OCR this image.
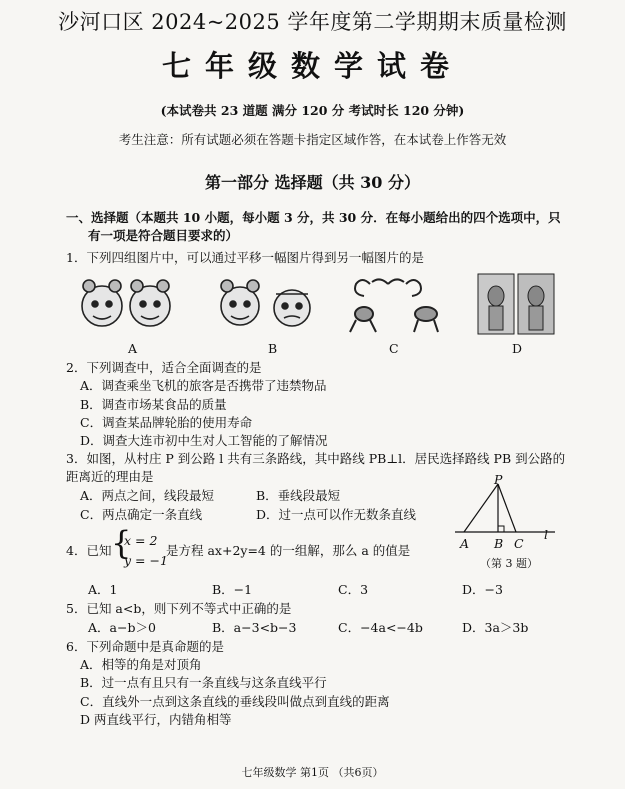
沙河口区 2024~2025 学年度第二学期期末质量检测
七年级数学试卷
(本试卷共 23 道题 满分 120 分 考试时长 120 分钟)
考生注意：所有试题必须在答题卡指定区域作答，在本试卷上作答无效
第一部分 选择题（共 30 分）
一、选择题（本题共 10 小题，每小题 3 分，共 30 分．在每小题给出的四个选项中，只
有一项是符合题目要求的）
1．下列四组图片中，可以通过平移一幅图片得到另一幅图片的是
A	B	C	D
2．下列调查中，适合全面调查的是
A．调查乘坐飞机的旅客是否携带了违禁物品
B．调查市场某食品的质量
C．调查某品牌轮胎的使用寿命
D．调查大连市初中生对人工智能的了解情况
3．如图，从村庄 P 到公路 l 共有三条路线，其中路线 PB⊥l．居民选择路线 PB 到公路的
距离近的理由是
A．两点之间，线段最短	B．垂线段最短
C．两点确定一条直线	D．过一点可以作无数条直线
P
A B C
l
（第 3 题）
4．已知 {
x = 2
y = −1
是方程 ax+2y=4 的一组解，那么 a 的值是
A．1	B．−1	C．3	D．−3
5．已知 a<b，则下列不等式中正确的是
A．a−b＞0	B．a−3<b−3	C．−4a<−4b	D．3a＞3b
6．下列命题中是真命题的是
A．相等的角是对顶角
B．过一点有且只有一条直线与这条直线平行
C．直线外一点到这条直线的垂线段叫做点到直线的距离
D 两直线平行，内错角相等
七年级数学 第1页 （共6页）
